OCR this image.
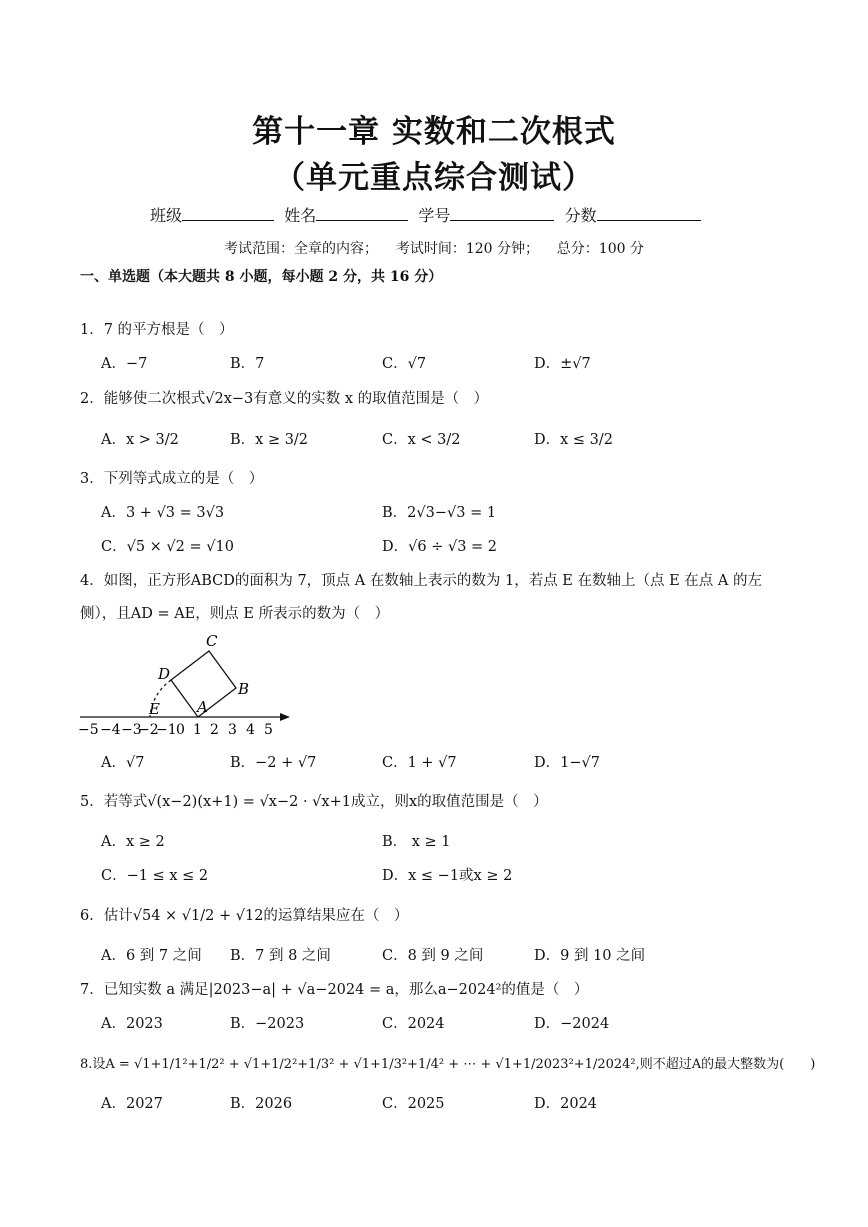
第十一章 实数和二次根式
（单元重点综合测试）
班级	姓名	学号	分数
考试范围：全章的内容；    考试时间：120 分钟；    总分：100 分
一、单选题（本大题共 8 小题，每小题 2 分，共 16 分）
1．7 的平方根是（　）
A．−7	B．7	C．√7	D．±√7
2．能够使二次根式√2x−3有意义的实数 x 的取值范围是（　）
A．x > 3/2	B．x ≥ 3/2	C．x < 3/2	D．x ≤ 3/2
3．下列等式成立的是（　）
A．3 + √3 = 3√3	B．2√3−√3 = 1
C．√5 × √2 = √10	D．√6 ÷ √3 = 2
4．如图，正方形ABCD的面积为 7，顶点 A 在数轴上表示的数为 1，若点 E 在数轴上（点 E 在点 A 的左
侧），且AD = AE，则点 E 所表示的数为（　）
C
D
B
E A
−5 −4 −3
−2
−1 0 1 2 3 4 5
A．√7	B．−2 + √7	C．1 + √7	D．1−√7
5．若等式√(x−2)(x+1) = √x−2 · √x+1成立，则x的取值范围是（　）
A．x ≥ 2	B． x ≥ 1
C．−1 ≤ x ≤ 2	D．x ≤ −1或x ≥ 2
6．估计√54 × √1/2 + √12的运算结果应在（　）
A．6 到 7 之间 B．7 到 8 之间	C．8 到 9 之间	D．9 到 10 之间
7．已知实数 a 满足|2023−a| + √a−2024 = a，那么a−2024²的值是（　）
A．2023	B．−2023	C．2024	D．−2024
8.设A = √1+1/1²+1/2² + √1+1/2²+1/3² + √1+1/3²+1/4² + ⋯ + √1+1/2023²+1/2024²,则不超过A的最大整数为(　　)
A．2027	B．2026	C．2025	D．2024
